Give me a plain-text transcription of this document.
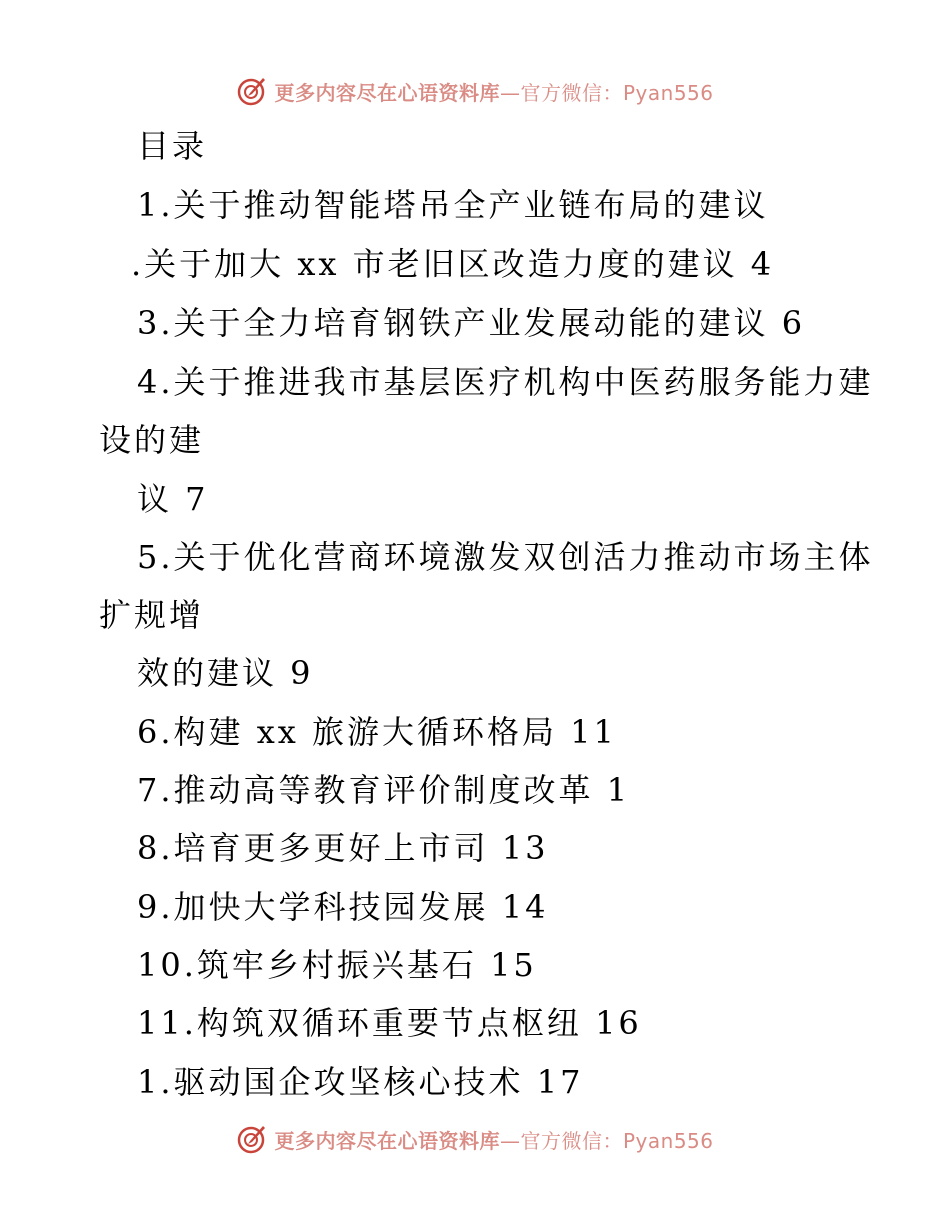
更多内容尽在心语资料库—官方微信：Pyan556
目录
1.关于推动智能塔吊全产业链布局的建议
.关于加大 xx 市老旧区改造力度的建议 4
3.关于全力培育钢铁产业发展动能的建议 6
4.关于推进我市基层医疗机构中医药服务能力建
设的建
议 7
5.关于优化营商环境激发双创活力推动市场主体
扩规增
效的建议 9
6.构建 xx 旅游大循环格局 11
7.推动高等教育评价制度改革 1
8.培育更多更好上市司 13
9.加快大学科技园发展 14
10.筑牢乡村振兴基石 15
11.构筑双循环重要节点枢纽 16
1.驱动国企攻坚核心技术 17
更多内容尽在心语资料库—官方微信：Pyan556
